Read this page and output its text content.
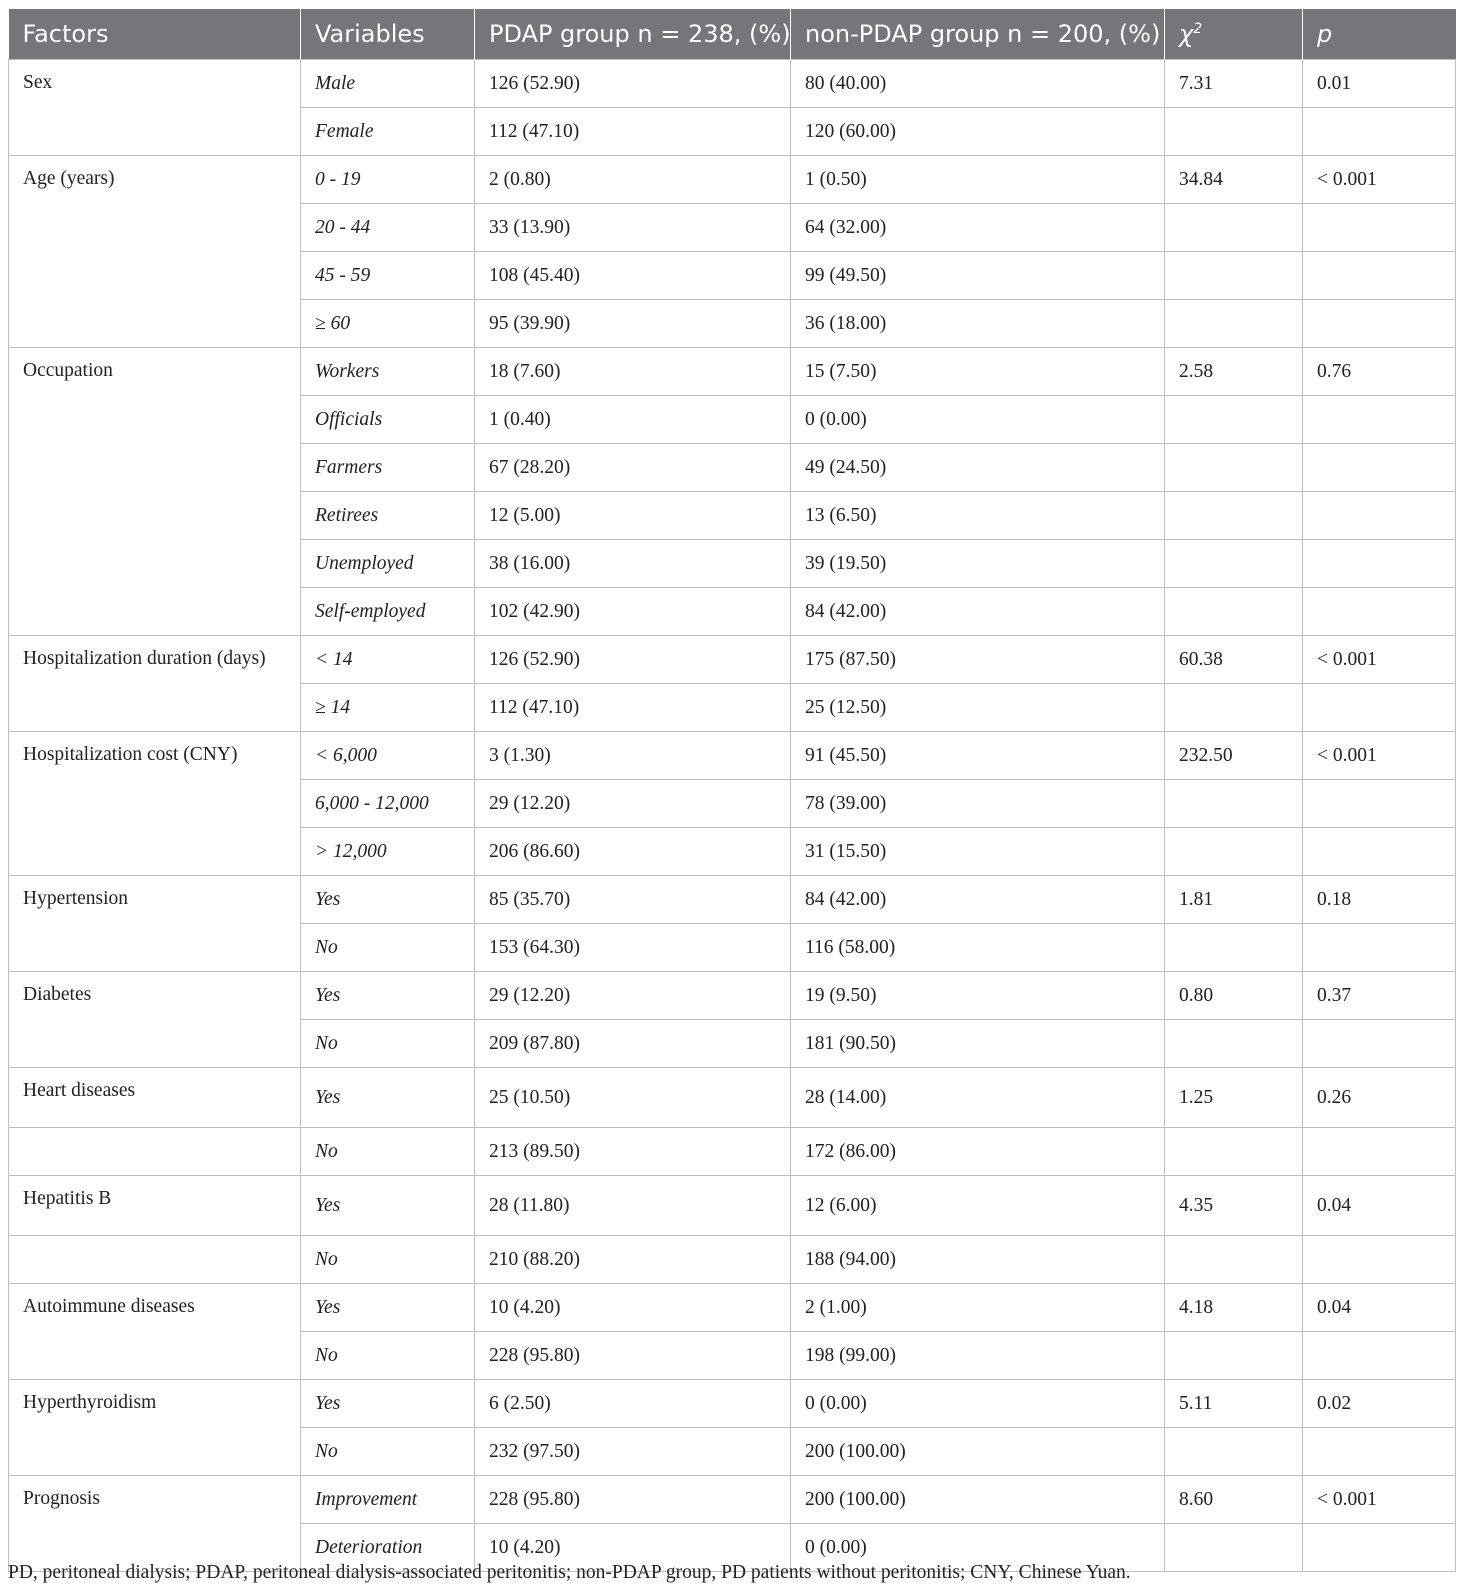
Factors	Variables	PDAP group n = 238, (%)	non-PDAP group n = 200, (%)	$\chi^2$	p
Sex	Male	126 (52.90)	80 (40.00)	7.31	0.01
	Female	112 (47.10)	120 (60.00)		
Age (years)	0 - 19	2 (0.80)	1 (0.50)	34.84	< 0.001
	20 - 44	33 (13.90)	64 (32.00)		
	45 - 59	108 (45.40)	99 (49.50)		
	≥ 60	95 (39.90)	36 (18.00)		
Occupation	Workers	18 (7.60)	15 (7.50)	2.58	0.76
	Officials	1 (0.40)	0 (0.00)		
	Farmers	67 (28.20)	49 (24.50)		
	Retirees	12 (5.00)	13 (6.50)		
	Unemployed	38 (16.00)	39 (19.50)		
	Self-employed	102 (42.90)	84 (42.00)		
Hospitalization duration (days)	< 14	126 (52.90)	175 (87.50)	60.38	< 0.001
	≥ 14	112 (47.10)	25 (12.50)		
Hospitalization cost (CNY)	< 6,000	3 (1.30)	91 (45.50)	232.50	< 0.001
	6,000 - 12,000	29 (12.20)	78 (39.00)		
	> 12,000	206 (86.60)	31 (15.50)		
Hypertension	Yes	85 (35.70)	84 (42.00)	1.81	0.18
	No	153 (64.30)	116 (58.00)		
Diabetes	Yes	29 (12.20)	19 (9.50)	0.80	0.37
	No	209 (87.80)	181 (90.50)		
Heart diseases	Yes	25 (10.50)	28 (14.00)	1.25	0.26
	No	213 (89.50)	172 (86.00)		
Hepatitis B	Yes	28 (11.80)	12 (6.00)	4.35	0.04
	No	210 (88.20)	188 (94.00)		
Autoimmune diseases	Yes	10 (4.20)	2 (1.00)	4.18	0.04
	No	228 (95.80)	198 (99.00)		
Hyperthyroidism	Yes	6 (2.50)	0 (0.00)	5.11	0.02
	No	232 (97.50)	200 (100.00)		
Prognosis	Improvement	228 (95.80)	200 (100.00)	8.60	< 0.001
	Deterioration	10 (4.20)	0 (0.00)		
PD, peritoneal dialysis; PDAP, peritoneal dialysis-associated peritonitis; non-PDAP group, PD patients without peritonitis; CNY, Chinese Yuan.
